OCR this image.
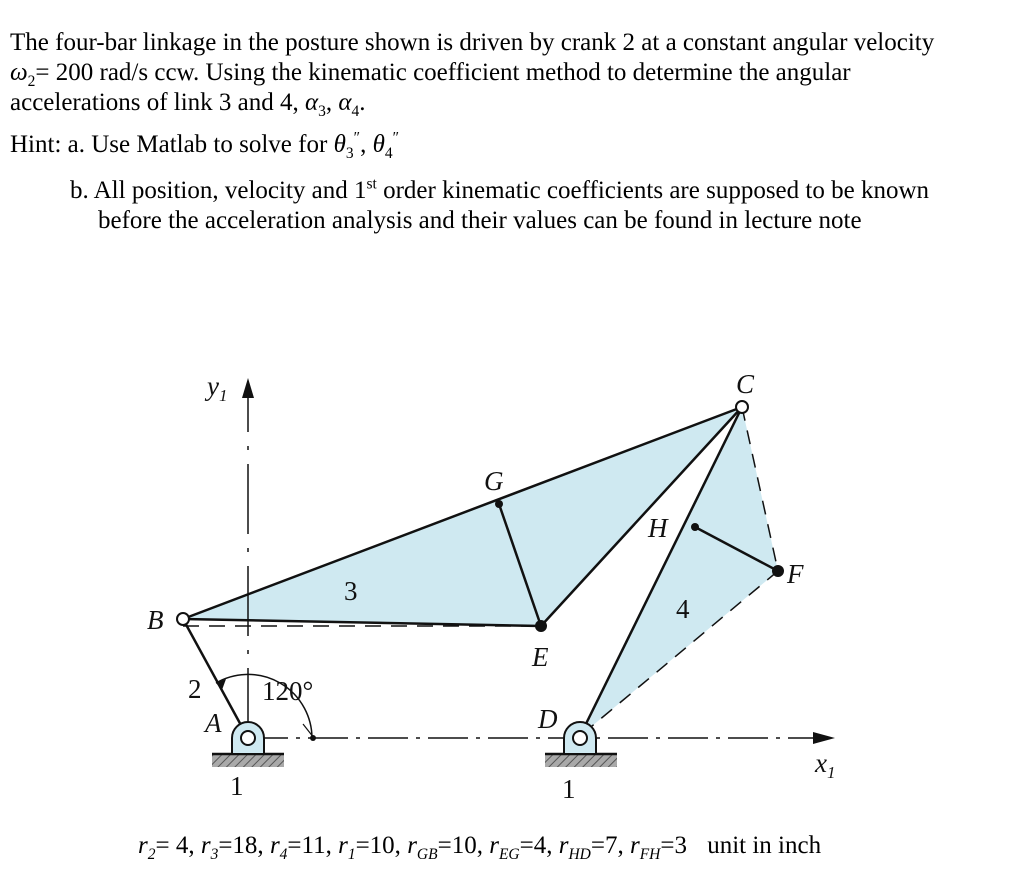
The four-bar linkage in the posture shown is driven by crank 2 at a constant angular velocity
$\omega_2= 200$ rad/s ccw. Using the kinematic coefficient method to determine the angular
accelerations of link 3 and 4, $\alpha_3$, $\alpha_4$.

Hint: a. Use Matlab to solve for $\theta_3''$, $\theta_4''$

b. All position, velocity and 1st order kinematic coefficients are supposed to be known
before the acceleration analysis and their values can be found in lecture note

$y_1$
$x_1$
B
A
C
D
E
F
G
H
2
3
4
1	1
120°
$r_2= 4$, $r_3=18$, $r_4=11$, $r_1=10$, $r_{GB}=10$, $r_{EG}=4$, $r_{HD}=7$, $r_{FH}=3$ unit in inch
